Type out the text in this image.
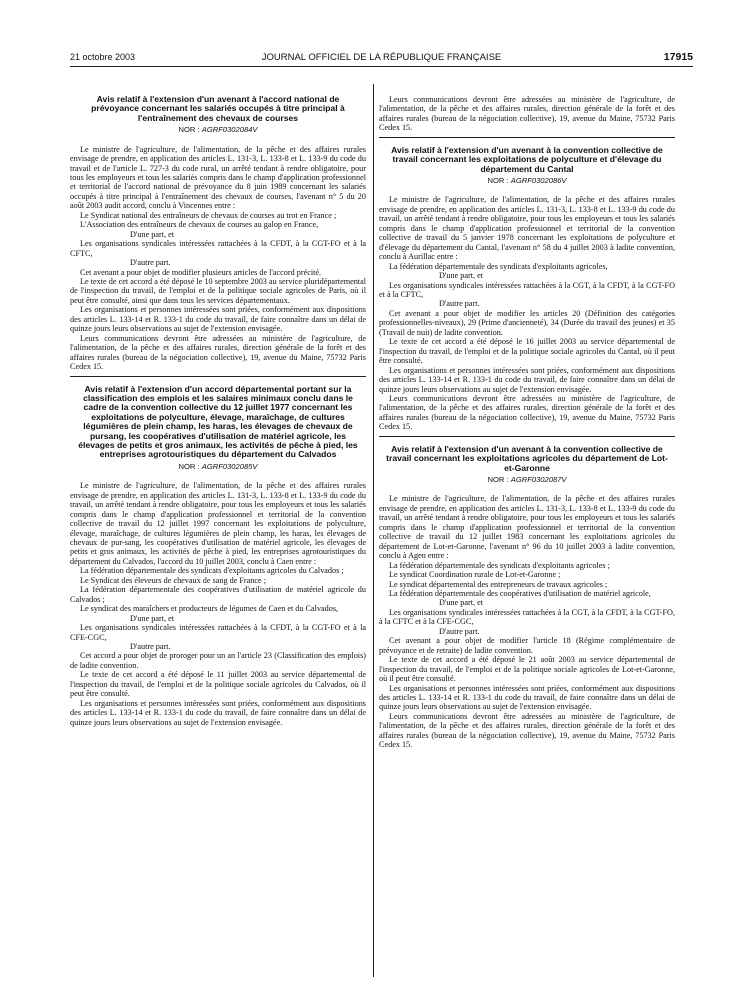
21 octobre 2003	JOURNAL OFFICIEL DE LA RÉPUBLIQUE FRANÇAISE	17915
Avis relatif à l'extension d'un avenant à l'accord national de prévoyance concernant les salariés occupés à titre principal à l'entraînement des chevaux de courses
NOR : AGRF0302084V

Le ministre de l'agriculture, de l'alimentation, de la pêche et des affaires rurales envisage de prendre, en application des articles L. 131-3, L. 133-8 et L. 133-9 du code du travail et de l'article L. 727-3 du code rural, un arrêté tendant à rendre obligatoire, pour tous les employeurs et tous les salariés compris dans le champ d'application professionnel et territorial de l'accord national de prévoyance du 8 juin 1989 concernant les salariés occupés à titre principal à l'entraînement des chevaux de courses, l'avenant n° 5 du 20 août 2003 audit accord, conclu à Vincennes entre :

Le Syndicat national des entraîneurs de chevaux de courses au trot en France ;

L'Association des entraîneurs de chevaux de courses au galop en France,

D'une part, et

Les organisations syndicales intéressées rattachées à la CFDT, à la CGT-FO et à la CFTC,

D'autre part.

Cet avenant a pour objet de modifier plusieurs articles de l'accord précité.

Le texte de cet accord a été déposé le 10 septembre 2003 au service pluridépartemental de l'inspection du travail, de l'emploi et de la politique sociale agricoles de Paris, où il peut être consulté, ainsi que dans tous les services départementaux.

Les organisations et personnes intéressées sont priées, conformément aux dispositions des articles L. 133-14 et R. 133-1 du code du travail, de faire connaître dans un délai de quinze jours leurs observations au sujet de l'extension envisagée.

Leurs communications devront être adressées au ministère de l'agriculture, de l'alimentation, de la pêche et des affaires rurales, direction générale de la forêt et des affaires rurales (bureau de la négociation collective), 19, avenue du Maine, 75732 Paris Cedex 15.

Avis relatif à l'extension d'un accord départemental portant sur la classification des emplois et les salaires minimaux conclu dans le cadre de la convention collective du 12 juillet 1977 concernant les exploitations de polyculture, élevage, maraîchage, de cultures légumières de plein champ, les haras, les élevages de chevaux de pursang, les coopératives d'utilisation de matériel agricole, les élevages de petits et gros animaux, les activités de pêche à pied, les entreprises agrotouristiques du département du Calvados
NOR : AGRF0302085V

Le ministre de l'agriculture, de l'alimentation, de la pêche et des affaires rurales envisage de prendre, en application des articles L. 131-3, L. 133-8 et L. 133-9 du code du travail, un arrêté tendant à rendre obligatoire, pour tous les employeurs et tous les salariés compris dans le champ d'application professionnel et territorial de la convention collective de travail du 12 juillet 1997 concernant les exploitations de polyculture, élevage, maraîchage, de cultures légumières de plein champ, les haras, les élevages de chevaux de pur-sang, les coopératives d'utilisation de matériel agricole, les élevages de petits et gros animaux, les activités de pêche à pied, les entreprises agrotouristiques du département du Calvados, l'accord du 10 juillet 2003, conclu à Caen entre :

La fédération départementale des syndicats d'exploitants agricoles du Calvados ;

Le Syndicat des éleveurs de chevaux de sang de France ;

La fédération départementale des coopératives d'utilisation de matériel agricole du Calvados ;

Le syndicat des maraîchers et producteurs de légumes de Caen et du Calvados,

D'une part, et

Les organisations syndicales intéressées rattachées à la CFDT, à la CGT-FO et à la CFE-CGC,

D'autre part.

Cet accord a pour objet de proroger pour un an l'article 23 (Classification des emplois) de ladite convention.

Le texte de cet accord a été déposé le 11 juillet 2003 au service départemental de l'inspection du travail, de l'emploi et de la politique sociale agricoles du Calvados, où il peut être consulté.

Les organisations et personnes intéressées sont priées, conformément aux dispositions des articles L. 133-14 et R. 133-1 du code du travail, de faire connaître dans un délai de quinze jours leurs observations au sujet de l'extension envisagée.

Leurs communications devront être adressées au ministère de l'agriculture, de l'alimentation, de la pêche et des affaires rurales, direction générale de la forêt et des affaires rurales (bureau de la négociation collective), 19, avenue du Maine, 75732 Paris Cedex 15.

Avis relatif à l'extension d'un avenant à la convention collective de travail concernant les exploitations de polyculture et d'élevage du département du Cantal
NOR : AGRF0302086V

Le ministre de l'agriculture, de l'alimentation, de la pêche et des affaires rurales envisage de prendre, en application des articles L. 131-3, L. 133-8 et L. 133-9 du code du travail, un arrêté tendant à rendre obligatoire, pour tous les employeurs et tous les salariés compris dans le champ d'application professionnel et territorial de la convention collective de travail du 5 janvier 1978 concernant les exploitations de polyculture et d'élevage du département du Cantal, l'avenant n° 58 du 4 juillet 2003 à ladite convention, conclu à Aurillac entre :

La fédération départementale des syndicats d'exploitants agricoles,

D'une part, et

Les organisations syndicales intéressées rattachées à la CGT, à la CFDT, à la CGT-FO et à la CFTC,

D'autre part.

Cet avenant a pour objet de modifier les articles 20 (Définition des catégories professionnelles-niveaux), 29 (Prime d'ancienneté), 34 (Durée du travail des jeunes) et 35 (Travail de nuit) de ladite convention.

Le texte de cet accord a été déposé le 16 juillet 2003 au service départemental de l'inspection du travail, de l'emploi et de la politique sociale agricoles du Cantal, où il peut être consulté.

Les organisations et personnes intéressées sont priées, conformément aux dispositions des articles L. 133-14 et R. 133-1 du code du travail, de faire connaître dans un délai de quinze jours leurs observations au sujet de l'extension envisagée.

Leurs communications devront être adressées au ministère de l'agriculture, de l'alimentation, de la pêche et des affaires rurales, direction générale de la forêt et des affaires rurales (bureau de la négociation collective), 19, avenue du Maine, 75732 Paris Cedex 15.

Avis relatif à l'extension d'un avenant à la convention collective de travail concernant les exploitations agricoles du département de Lot-et-Garonne
NOR : AGRF0302087V

Le ministre de l'agriculture, de l'alimentation, de la pêche et des affaires rurales envisage de prendre, en application des articles L. 131-3, L. 133-8 et L. 133-9 du code du travail, un arrêté tendant à rendre obligatoire, pour tous les employeurs et tous les salariés compris dans le champ d'application professionnel et territorial de la convention collective de travail du 12 juillet 1983 concernant les exploitations agricoles du département de Lot-et-Garonne, l'avenant n° 96 du 10 juillet 2003 à ladite convention, conclu à Agen entre :

La fédération départementale des syndicats d'exploitants agricoles ;

Le syndicat Coordination rurale de Lot-et-Garonne ;

Le syndicat départemental des entrepreneurs de travaux agricoles ;

La fédération départementale des coopératives d'utilisation de matériel agricole,

D'une part, et

Les organisations syndicales intéressées rattachées à la CGT, à la CFDT, à la CGT-FO, à la CFTC et à la CFE-CGC,

D'autre part.

Cet avenant a pour objet de modifier l'article 18 (Régime complémentaire de prévoyance et de retraite) de ladite convention.

Le texte de cet accord a été déposé le 21 août 2003 au service départemental de l'inspection du travail, de l'emploi et de la politique sociale agricoles de Lot-et-Garonne, où il peut être consulté.

Les organisations et personnes intéressées sont priées, conformément aux dispositions des articles L. 133-14 et R. 133-1 du code du travail, de faire connaître dans un délai de quinze jours leurs observations au sujet de l'extension envisagée.

Leurs communications devront être adressées au ministère de l'agriculture, de l'alimentation, de la pêche et des affaires rurales, direction générale de la forêt et des affaires rurales (bureau de la négociation collective), 19, avenue du Maine, 75732 Paris Cedex 15.
